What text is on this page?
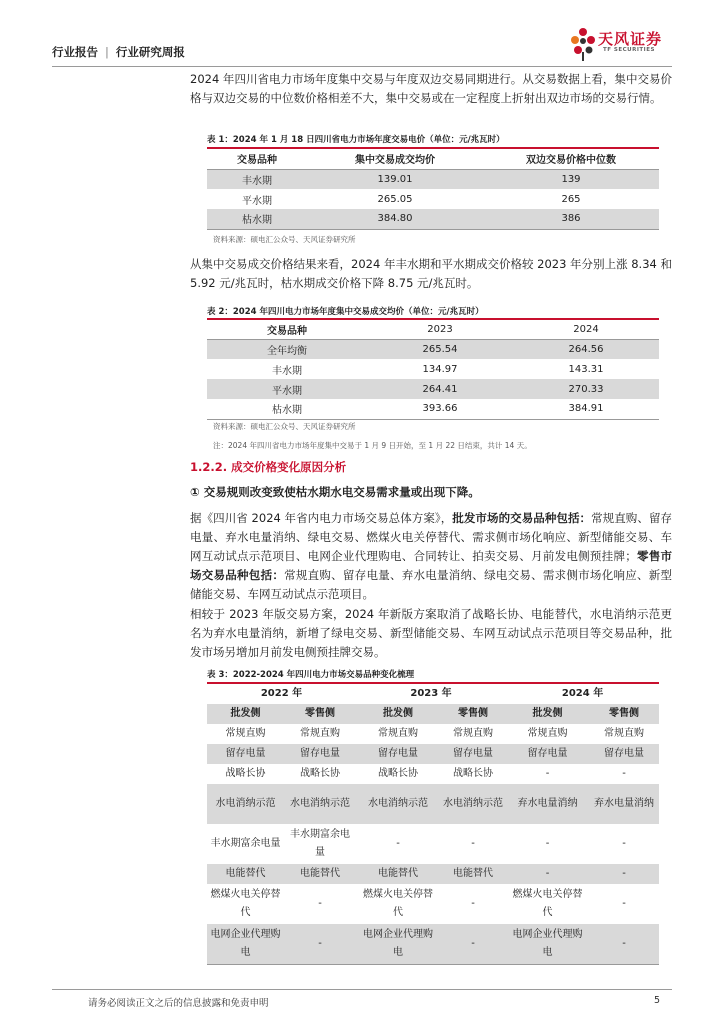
行业报告 | 行业研究周报
天风证券
TF SECURITIES
2024 年四川省电力市场年度集中交易与年度双边交易同期进行。从交易数据上看，集中交易价格与双边交易的中位数价格相差不大，集中交易或在一定程度上折射出双边市场的交易行情。
表 1：2024 年 1 月 18 日四川省电力市场年度交易电价（单位：元/兆瓦时）
交易品种	集中交易成交均价	双边交易价格中位数
丰水期	139.01	139
平水期	265.05	265
枯水期	384.80	386
资料来源：硕电汇公众号、天风证券研究所
从集中交易成交价格结果来看，2024 年丰水期和平水期成交价格较 2023 年分别上涨 8.34 和 5.92 元/兆瓦时，枯水期成交价格下降 8.75 元/兆瓦时。
表 2：2024 年四川电力市场年度集中交易成交均价（单位：元/兆瓦时）
交易品种	2023	2024
全年均衡	265.54	264.56
丰水期	134.97	143.31
平水期	264.41	270.33
枯水期	393.66	384.91
资料来源：硕电汇公众号、天风证券研究所
注：2024 年四川省电力市场年度集中交易于 1 月 9 日开始，至 1 月 22 日结束，共计 14 天。
1.2.2. 成交价格变化原因分析
① 交易规则改变致使枯水期水电交易需求量或出现下降。
据《四川省 2024 年省内电力市场交易总体方案》，批发市场的交易品种包括：常规直购、留存电量、弃水电量消纳、绿电交易、燃煤火电关停替代、需求侧市场化响应、新型储能交易、车网互动试点示范项目、电网企业代理购电、合同转让、拍卖交易、月前发电侧预挂牌；零售市场交易品种包括：常规直购、留存电量、弃水电量消纳、绿电交易、需求侧市场化响应、新型储能交易、车网互动试点示范项目。
相较于 2023 年版交易方案，2024 年新版方案取消了战略长协、电能替代，水电消纳示范更名为弃水电量消纳，新增了绿电交易、新型储能交易、车网互动试点示范项目等交易品种，批发市场另增加月前发电侧预挂牌交易。
表 3：2022-2024 年四川电力市场交易品种变化梳理
2022 年		2023 年		2024 年	
批发侧	零售侧	批发侧	零售侧	批发侧	零售侧
常规直购	常规直购	常规直购	常规直购	常规直购	常规直购
留存电量	留存电量	留存电量	留存电量	留存电量	留存电量
战略长协	战略长协	战略长协	战略长协	-	-
水电消纳示范	水电消纳示范	水电消纳示范	水电消纳示范	弃水电量消纳	弃水电量消纳
丰水期富余电量	丰水期富余电量	-	-	-	-
电能替代	电能替代	电能替代	电能替代	-	-
燃煤火电关停替代	-	燃煤火电关停替代	-	燃煤火电关停替代	-
电网企业代理购电	-	电网企业代理购电	-	电网企业代理购电	-
请务必阅读正文之后的信息披露和免责申明	5
